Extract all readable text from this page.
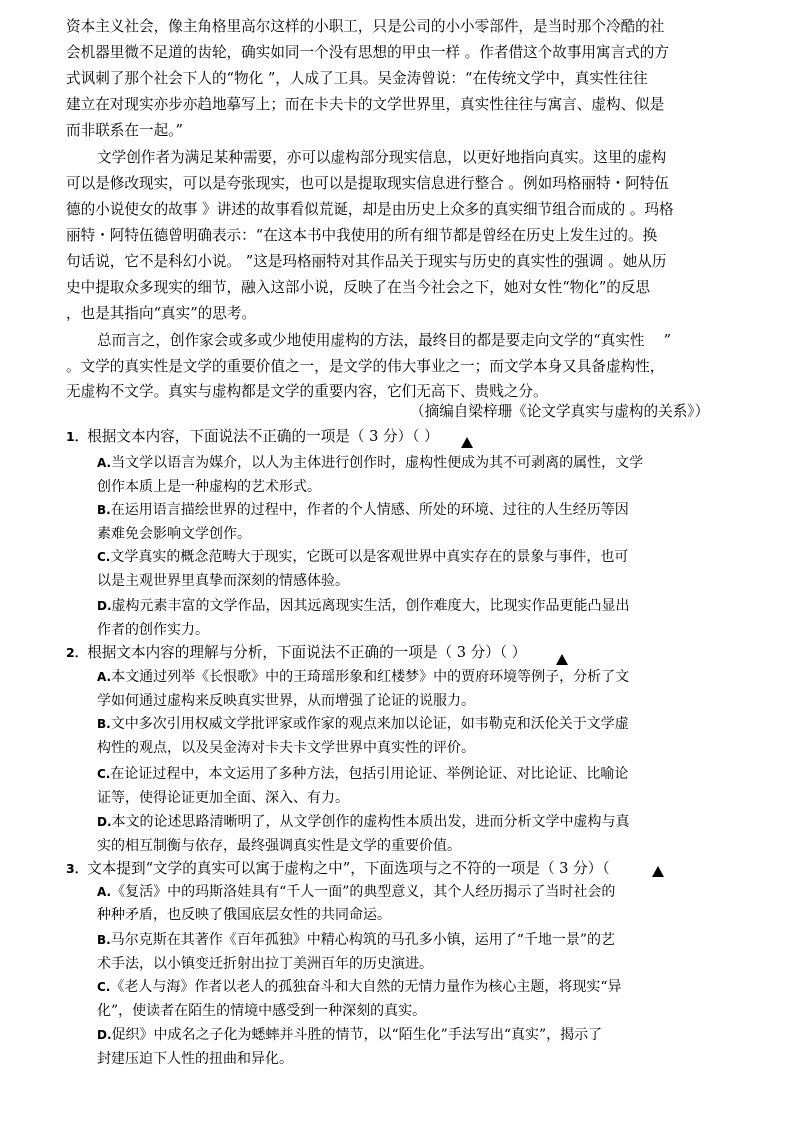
资本主义社会，像主角格里高尔这样的小职工，只是公司的小小零部件，是当时那个冷酷的社
会机器里微不足道的齿轮，确实如同一个没有思想的甲虫一样 。作者借这个故事用寓言式的方
式讽刺了那个社会下人的“物化 ”，人成了工具。吴金涛曾说：“在传统文学中，真实性往往
建立在对现实亦步亦趋地摹写上；而在卡夫卡的文学世界里，真实性往往与寓言、虚构、似是
而非联系在一起。”
文学创作者为满足某种需要，亦可以虚构部分现实信息，以更好地指向真实。这里的虚构
可以是修改现实，可以是夸张现实，也可以是提取现实信息进行整合 。例如玛格丽特・阿特伍
德的小说使女的故事 》讲述的故事看似荒诞，却是由历史上众多的真实细节组合而成的 。玛格
丽特・阿特伍德曾明确表示：“在这本书中我使用的所有细节都是曾经在历史上发生过的。换
句话说，它不是科幻小说。 ”这是玛格丽特对其作品关于现实与历史的真实性的强调 。她从历
史中提取众多现实的细节，融入这部小说，反映了在当今社会之下，她对女性“物化”的反思
，也是其指向“真实”的思考。
总而言之，创作家会或多或少地使用虚构的方法，最终目的都是要走向文学的“真实性 　”
。文学的真实性是文学的重要价值之一，是文学的伟大事业之一；而文学本身又具备虚构性，
无虚构不文学。真实与虚构都是文学的重要内容，它们无高下、贵贱之分。
（摘编自梁梓珊《论文学真实与虚构的关系》）
1．根据文本内容，下面说法不正确的一项是（ 3 分）（ ）
A.当文学以语言为媒介，以人为主体进行创作时，虚构性便成为其不可剥离的属性，文学
创作本质上是一种虚构的艺术形式。
B.在运用语言描绘世界的过程中，作者的个人情感、所处的环境、过往的人生经历等因
素难免会影响文学创作。
C.文学真实的概念范畴大于现实，它既可以是客观世界中真实存在的景象与事件，也可
以是主观世界里真挚而深刻的情感体验。
D.虚构元素丰富的文学作品，因其远离现实生活，创作难度大，比现实作品更能凸显出
作者的创作实力。
2．根据文本内容的理解与分析，下面说法不正确的一项是（ 3 分）（ ）
A.本文通过列举《长恨歌》中的王琦瑶形象和红楼梦》中的贾府环境等例子，分析了文
学如何通过虚构来反映真实世界，从而增强了论证的说服力。
B.文中多次引用权威文学批评家或作家的观点来加以论证，如韦勒克和沃伦关于文学虚
构性的观点，以及吴金涛对卡夫卡文学世界中真实性的评价。
C.在论证过程中，本文运用了多种方法，包括引用论证、举例论证、对比论证、比喻论
证等，使得论证更加全面、深入、有力。
D.本文的论述思路清晰明了，从文学创作的虚构性本质出发，进而分析文学中虚构与真
实的相互制衡与依存，最终强调真实性是文学的重要价值。
3．文本提到“文学的真实可以寓于虚构之中”，下面选项与之不符的一项是（ 3 分）（
A.《复活》中的玛斯洛娃具有“千人一面”的典型意义，其个人经历揭示了当时社会的
种种矛盾，也反映了俄国底层女性的共同命运。
B.马尔克斯在其著作《百年孤独》中精心构筑的马孔多小镇，运用了“千地一景”的艺
术手法，以小镇变迁折射出拉丁美洲百年的历史演进。
C.《老人与海》作者以老人的孤独奋斗和大自然的无情力量作为核心主题，将现实“异
化”，使读者在陌生的情境中感受到一种深刻的真实。
D.促织》中成名之子化为蟋蟀并斗胜的情节，以“陌生化”手法写出“真实”，揭示了
封建压迫下人性的扭曲和异化。
